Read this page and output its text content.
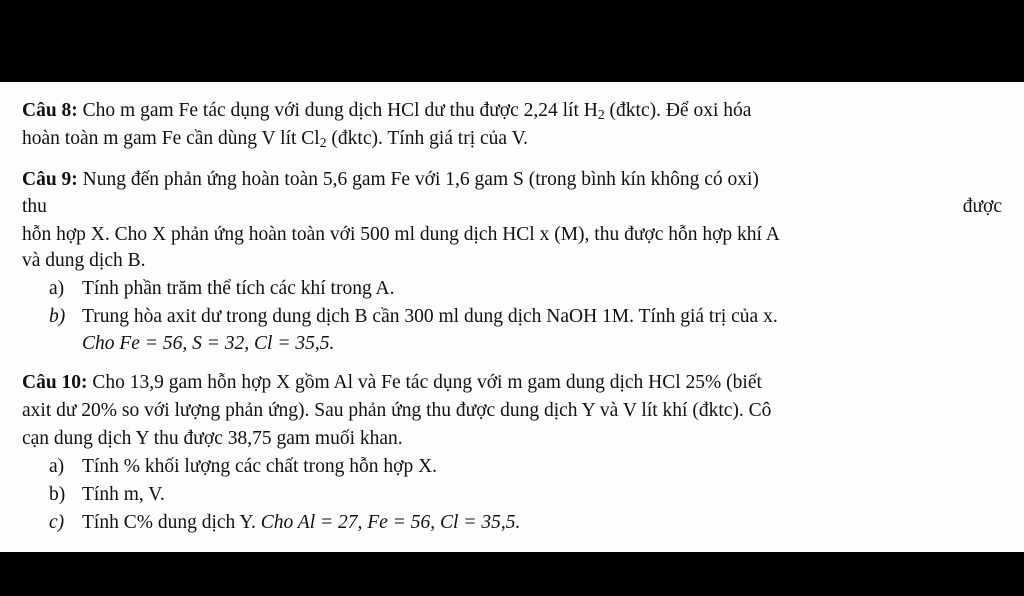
Câu 8: Cho m gam Fe tác dụng với dung dịch HCl dư thu được 2,24 lít $H_2$ (đktc). Để oxi hóa
hoàn toàn m gam Fe cần dùng V lít $Cl_2$ (đktc). Tính giá trị của V.
Câu 9: Nung đến phản ứng hoàn toàn 5,6 gam Fe với 1,6 gam S (trong bình kín không có oxi)
thu	được
hỗn hợp X. Cho X phản ứng hoàn toàn với 500 ml dung dịch HCl x (M), thu được hỗn hợp khí A
và dung dịch B.
a) Tính phần trăm thể tích các khí trong A.
b) Trung hòa axit dư trong dung dịch B cần 300 ml dung dịch NaOH 1M. Tính giá trị của x.
Cho Fe = 56, S = 32, Cl = 35,5.
Câu 10: Cho 13,9 gam hỗn hợp X gồm Al và Fe tác dụng với m gam dung dịch HCl 25% (biết
axit dư 20% so với lượng phản ứng). Sau phản ứng thu được dung dịch Y và V lít khí (đktc). Cô
cạn dung dịch Y thu được 38,75 gam muối khan.
a) Tính % khối lượng các chất trong hỗn hợp X.
b) Tính m, V.
c) Tính C% dung dịch Y. Cho Al = 27, Fe = 56, Cl = 35,5.
